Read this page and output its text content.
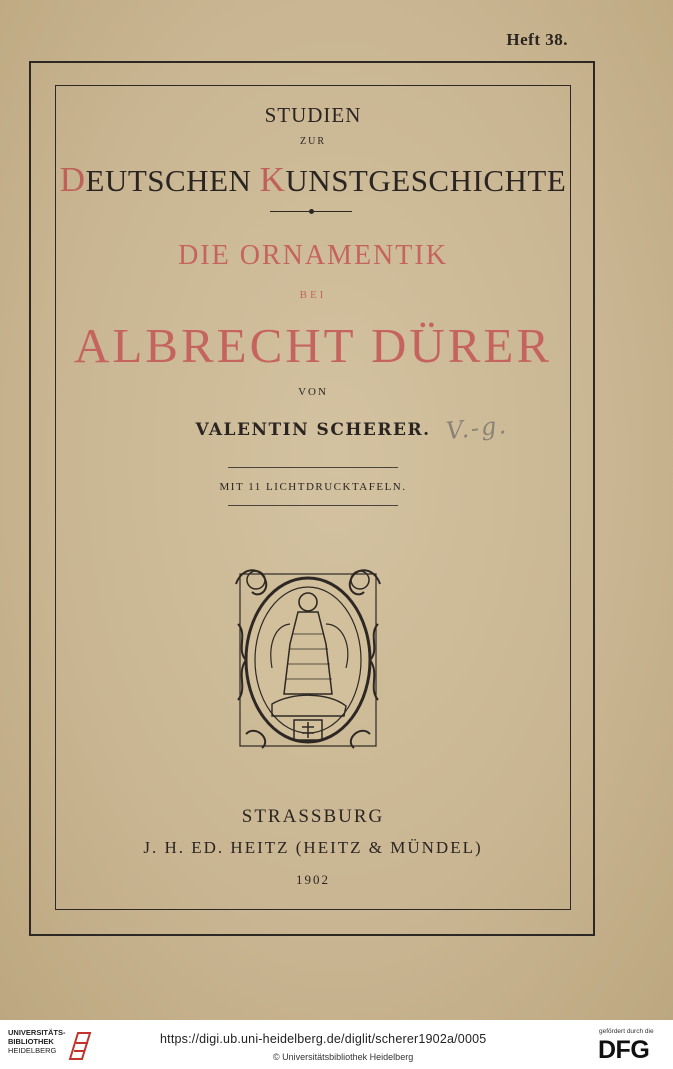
Heft 38.
STUDIEN
ZUR
DEUTSCHEN KUNSTGESCHICHTE
DIE ORNAMENTIK
BEI
ALBRECHT DÜRER
VON
VALENTIN SCHERER. V.-g.
MIT 11 LICHTDRUCKTAFELN.
STRASSBURG
J. H. ED. HEITZ (HEITZ & MÜNDEL)
1902
UNIVERSITÄTS-
BIBLIOTHEK
HEIDELBERG
https://digi.ub.uni-heidelberg.de/diglit/scherer1902a/0005
© Universitätsbibliothek Heidelberg
gefördert durch die
DFG
